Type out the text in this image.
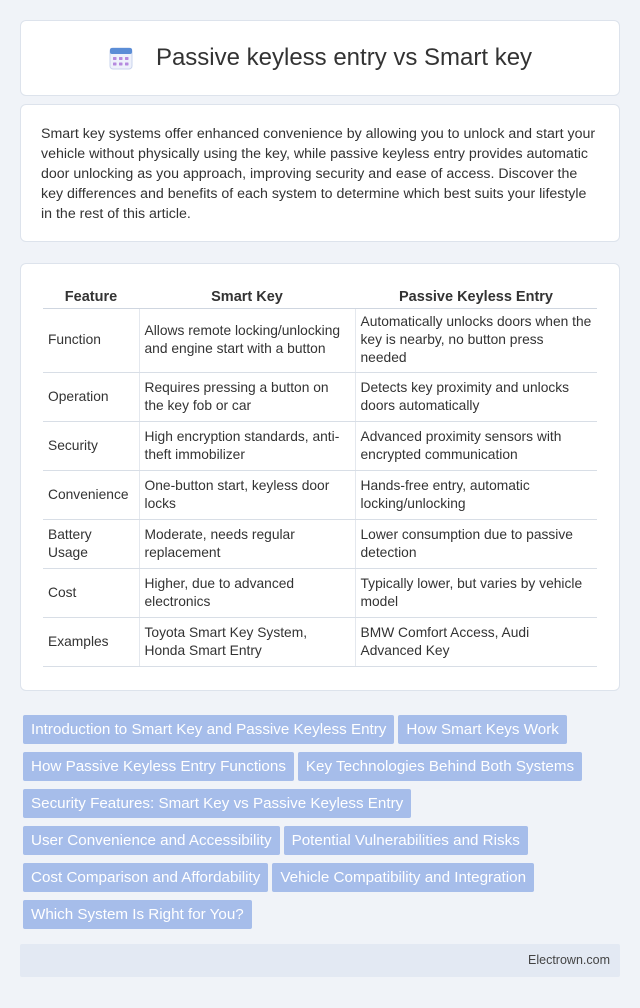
Passive keyless entry vs Smart key

Smart key systems offer enhanced convenience by allowing you to unlock and start your vehicle without physically using the key, while passive keyless entry provides automatic door unlocking as you approach, improving security and ease of access. Discover the key differences and benefits of each system to determine which best suits your lifestyle in the rest of this article.

Feature	Smart Key	Passive Keyless Entry
Function	Allows remote locking/unlocking and engine start with a button	Automatically unlocks doors when the key is nearby, no button press needed
Operation	Requires pressing a button on the key fob or car	Detects key proximity and unlocks doors automatically
Security	High encryption standards, anti-theft immobilizer	Advanced proximity sensors with encrypted communication
Convenience	One-button start, keyless door locks	Hands-free entry, automatic locking/unlocking
Battery Usage	Moderate, needs regular replacement	Lower consumption due to passive detection
Cost	Higher, due to advanced electronics	Typically lower, but varies by vehicle model
Examples	Toyota Smart Key System, Honda Smart Entry	BMW Comfort Access, Audi Advanced Key
Introduction to Smart Key and Passive Keyless Entry How Smart Keys Work
How Passive Keyless Entry Functions Key Technologies Behind Both Systems
Security Features: Smart Key vs Passive Keyless Entry
User Convenience and Accessibility Potential Vulnerabilities and Risks
Cost Comparison and Affordability Vehicle Compatibility and Integration
Which System Is Right for You?
Electrown.com
